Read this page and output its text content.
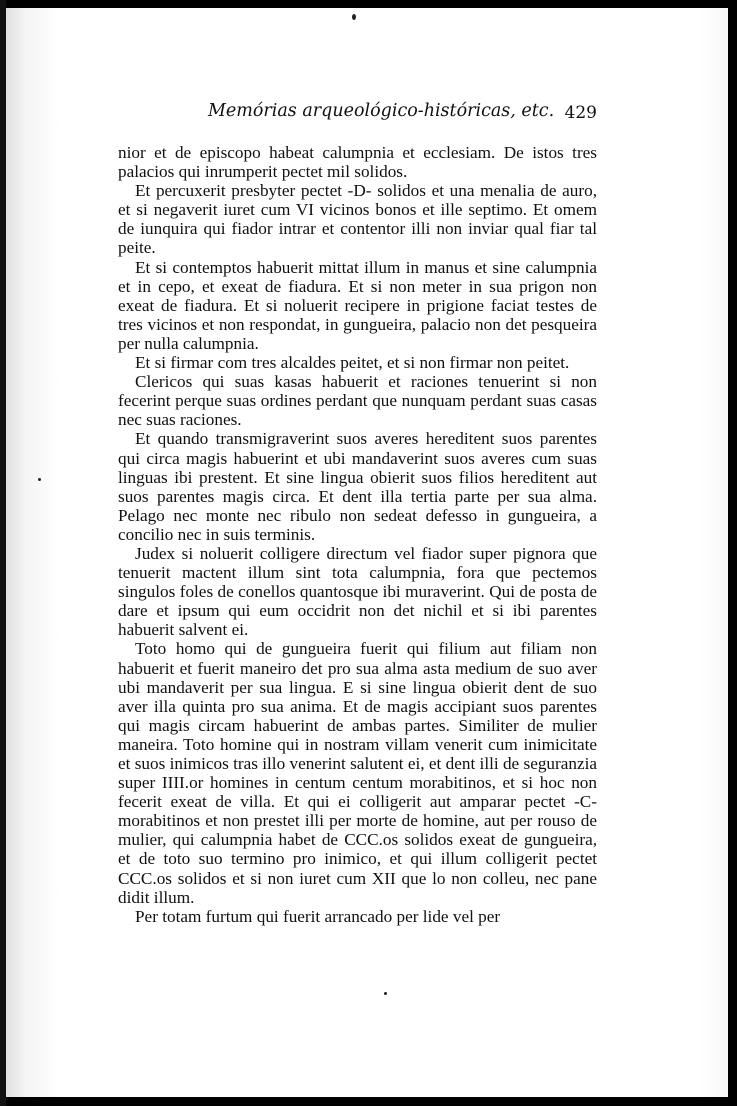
Memórias arqueológico-históricas, etc. 429

nior et de episcopo habeat calumpnia et ecclesiam. De istos tres palacios qui inrumperit pectet mil solidos.

Et percuxerit presbyter pectet -D- solidos et una menalia de auro, et si negaverit iuret cum VI vicinos bonos et ille septimo. Et omem de iunquira qui fiador intrar et contentor illi non inviar qual fiar tal peite.

Et si contemptos habuerit mittat illum in manus et sine calumpnia et in cepo, et exeat de fiadura. Et si non meter in sua prigon non exeat de fiadura. Et si noluerit recipere in prigione faciat testes de tres vicinos et non respondat, in gungueira, palacio non det pesqueira per nulla calumpnia.

Et si firmar com tres alcaldes peitet, et si non firmar non peitet.

Clericos qui suas kasas habuerit et raciones tenuerint si non fecerint perque suas ordines perdant que nunquam perdant suas casas nec suas raciones.

Et quando transmigraverint suos averes hereditent suos parentes qui circa magis habuerint et ubi mandaverint suos averes cum suas linguas ibi prestent. Et sine lingua obierit suos filios hereditent aut suos parentes magis circa. Et dent illa tertia parte per sua alma. Pelago nec monte nec ribulo non sedeat defesso in gungueira, a concilio nec in suis terminis.

Judex si noluerit colligere directum vel fiador super pignora que tenuerit mactent illum sint tota calumpnia, fora que pectemos singulos foles de conellos quantosque ibi muraverint. Qui de posta de dare et ipsum qui eum occidrit non det nichil et si ibi parentes habuerit salvent ei.

Toto homo qui de gungueira fuerit qui filium aut filiam non habuerit et fuerit maneiro det pro sua alma asta medium de suo aver ubi mandaverit per sua lingua. E si sine lingua obierit dent de suo aver illa quinta pro sua anima. Et de magis accipiant suos parentes qui magis circam habuerint de ambas partes. Similiter de mulier maneira. Toto homine qui in nostram villam venerit cum inimicitate et suos inimicos tras illo venerint salutent ei, et dent illi de seguranzia super IIII.or homines in centum centum morabitinos, et si hoc non fecerit exeat de villa. Et qui ei colligerit aut amparar pectet -C- morabitinos et non prestet illi per morte de homine, aut per rouso de mulier, qui calumpnia habet de CCC.os solidos exeat de gungueira, et de toto suo termino pro inimico, et qui illum colligerit pectet CCC.os solidos et si non iuret cum XII que lo non colleu, nec pane didit illum.

Per totam furtum qui fuerit arrancado per lide vel per
